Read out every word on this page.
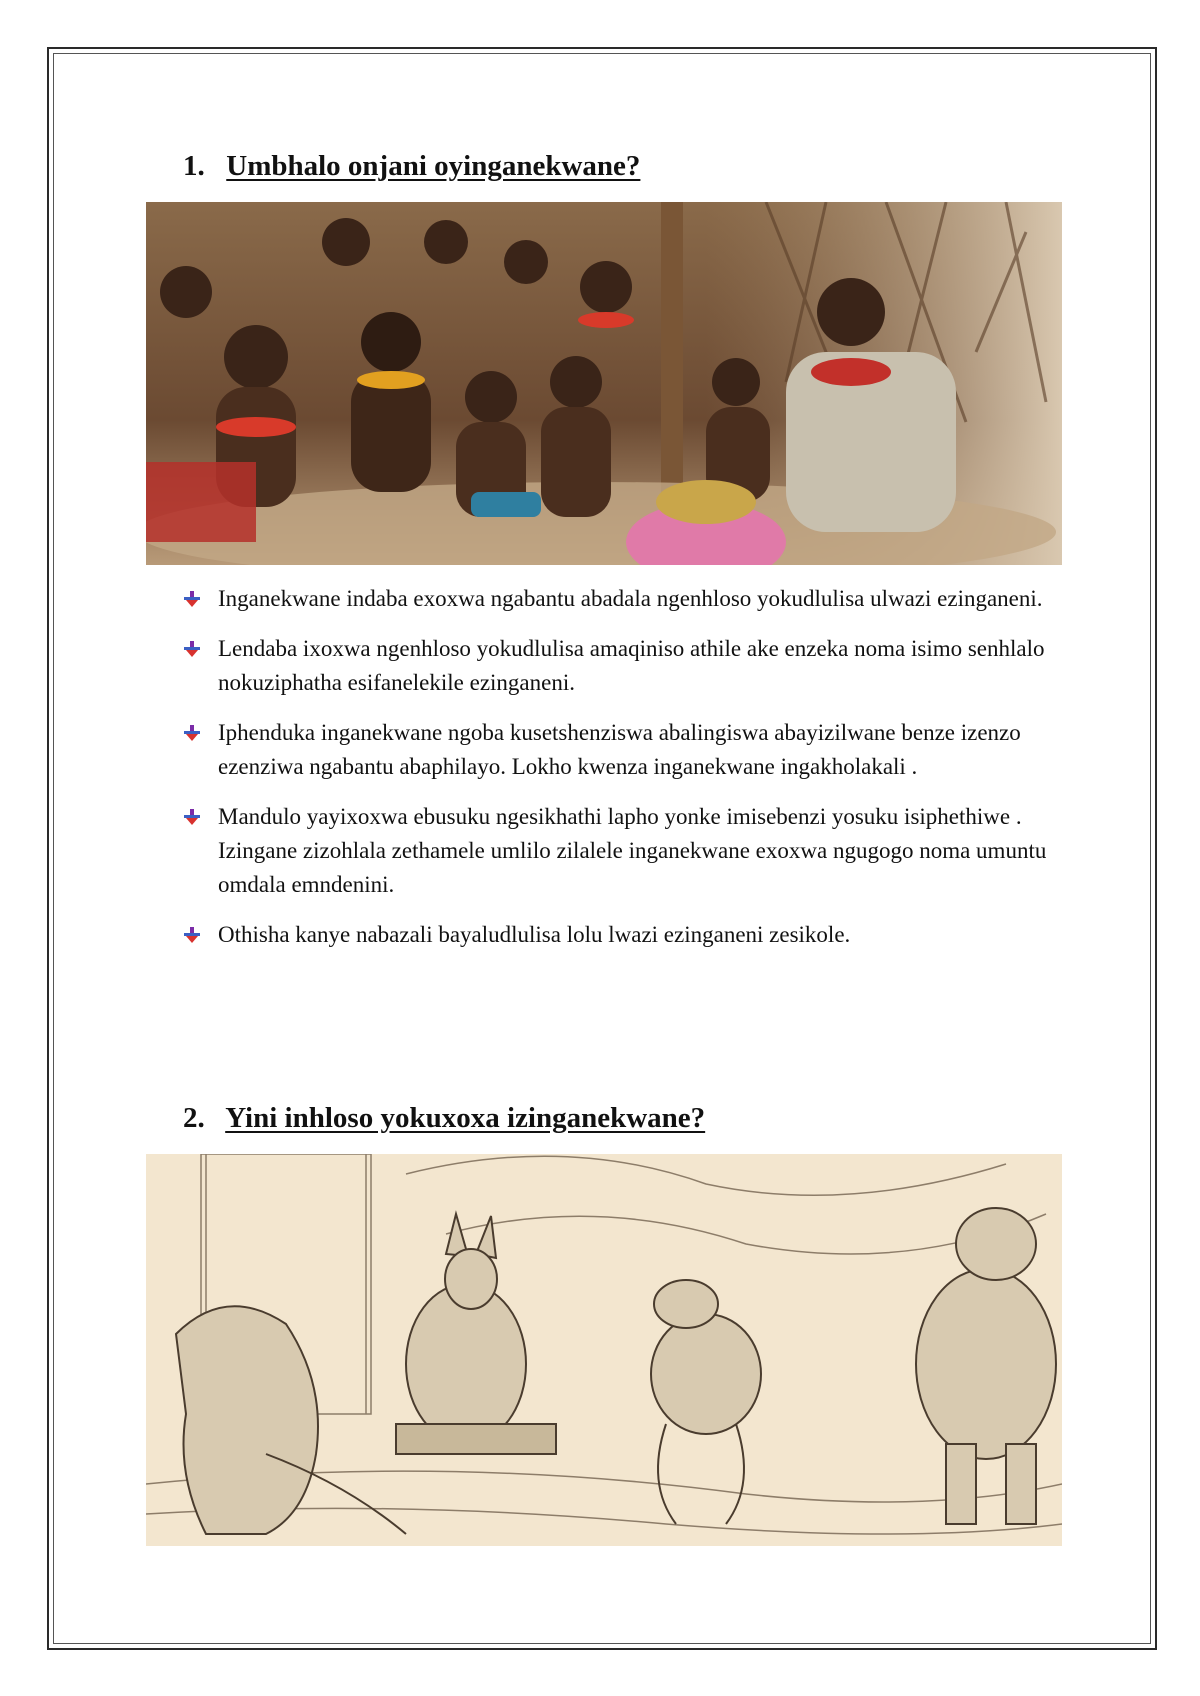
1. Umbhalo onjani oyinganekwane?
Inganekwane indaba exoxwa ngabantu abadala ngenhloso yokudlulisa ulwazi ezinganeni.
Lendaba ixoxwa ngenhloso yokudlulisa amaqiniso athile ake enzeka noma isimo senhlalo nokuziphatha esifanelekile ezinganeni.
Iphenduka inganekwane ngoba kusetshenziswa abalingiswa abayizilwane benze izenzo ezenziwa ngabantu abaphilayo. Lokho kwenza inganekwane ingakholakali .
Mandulo yayixoxwa ebusuku ngesikhathi lapho yonke imisebenzi yosuku isiphethiwe . Izingane zizohlala zethamele umlilo zilalele inganekwane exoxwa ngugogo noma umuntu omdala emndenini.
Othisha kanye nabazali bayaludlulisa lolu lwazi ezinganeni zesikole.
2. Yini inhloso yokuxoxa izinganekwane?
